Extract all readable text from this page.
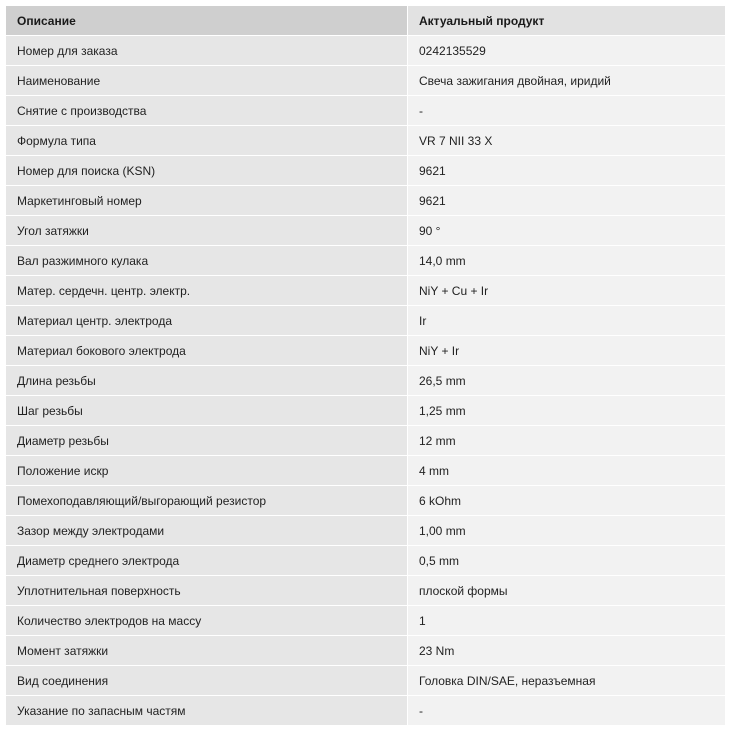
Описание	Актуальный продукт
Номер для заказа	0242135529
Наименование	Свеча зажигания двойная, иридий
Снятие с производства	-
Формула типа	VR 7 NII 33 X
Номер для поиска (KSN)	9621
Маркетинговый номер	9621
Угол затяжки	90 °
Вал разжимного кулака	14,0 mm
Матер. сердечн. центр. электр.	NiY + Cu + Ir
Материал центр. электрода	Ir
Материал бокового электрода	NiY + Ir
Длина резьбы	26,5 mm
Шаг резьбы	1,25 mm
Диаметр резьбы	12 mm
Положение искр	4 mm
Помехоподавляющий/выгорающий резистор	6 kOhm
Зазор между электродами	1,00 mm
Диаметр среднего электрода	0,5 mm
Уплотнительная поверхность	плоской формы
Количество электродов на массу	1
Момент затяжки	23 Nm
Вид соединения	Головка DIN/SAE, неразъемная
Указание по запасным частям	-
